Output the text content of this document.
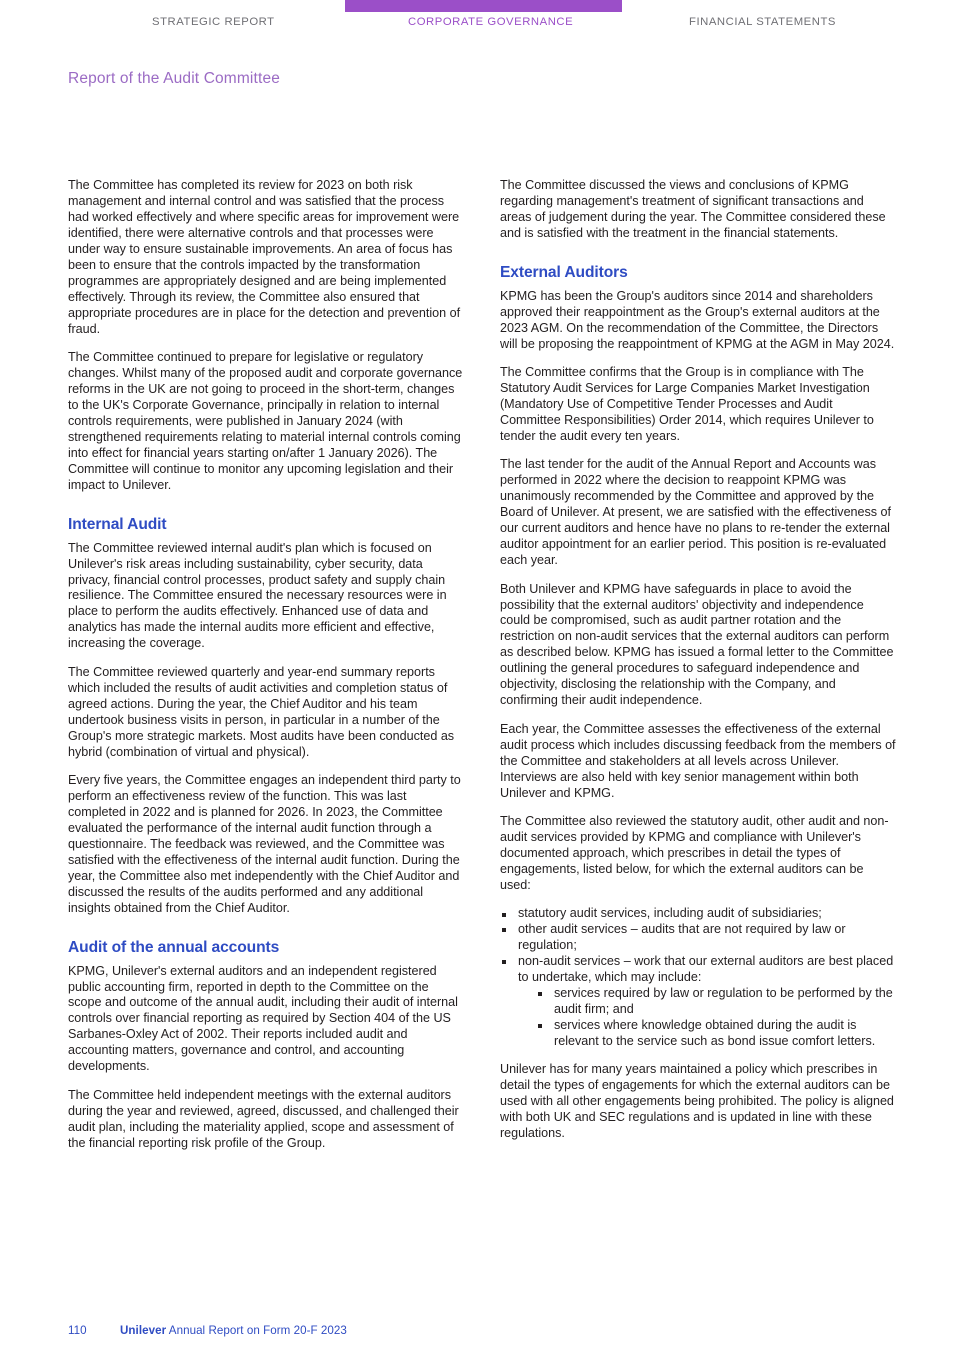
STRATEGIC REPORT	CORPORATE GOVERNANCE	FINANCIAL STATEMENTS
Report of the Audit Committee

The Committee has completed its review for 2023 on both risk management and internal control and was satisfied that the process had worked effectively and where specific areas for improvement were identified, there were alternative controls and that processes were under way to ensure sustainable improvements. An area of focus has been to ensure that the controls impacted by the transformation programmes are appropriately designed and are being implemented effectively. Through its review, the Committee also ensured that appropriate procedures are in place for the detection and prevention of fraud.

The Committee continued to prepare for legislative or regulatory changes. Whilst many of the proposed audit and corporate governance reforms in the UK are not going to proceed in the short-term, changes to the UK's Corporate Governance, principally in relation to internal controls requirements, were published in January 2024 (with strengthened requirements relating to material internal controls coming into effect for financial years starting on/after 1 January 2026). The Committee will continue to monitor any upcoming legislation and their impact to Unilever.

Internal Audit

The Committee reviewed internal audit's plan which is focused on Unilever's risk areas including sustainability, cyber security, data privacy, financial control processes, product safety and supply chain resilience. The Committee ensured the necessary resources were in place to perform the audits effectively. Enhanced use of data and analytics has made the internal audits more efficient and effective, increasing the coverage.

The Committee reviewed quarterly and year-end summary reports which included the results of audit activities and completion status of agreed actions. During the year, the Chief Auditor and his team undertook business visits in person, in particular in a number of the Group's more strategic markets. Most audits have been conducted as hybrid (combination of virtual and physical).

Every five years, the Committee engages an independent third party to perform an effectiveness review of the function. This was last completed in 2022 and is planned for 2026. In 2023, the Committee evaluated the performance of the internal audit function through a questionnaire. The feedback was reviewed, and the Committee was satisfied with the effectiveness of the internal audit function. During the year, the Committee also met independently with the Chief Auditor and discussed the results of the audits performed and any additional insights obtained from the Chief Auditor.

Audit of the annual accounts

KPMG, Unilever's external auditors and an independent registered public accounting firm, reported in depth to the Committee on the scope and outcome of the annual audit, including their audit of internal controls over financial reporting as required by Section 404 of the US Sarbanes-Oxley Act of 2002. Their reports included audit and accounting matters, governance and control, and accounting developments.

The Committee held independent meetings with the external auditors during the year and reviewed, agreed, discussed, and challenged their audit plan, including the materiality applied, scope and assessment of the financial reporting risk profile of the Group.

The Committee discussed the views and conclusions of KPMG regarding management's treatment of significant transactions and areas of judgement during the year. The Committee considered these and is satisfied with the treatment in the financial statements.

External Auditors

KPMG has been the Group's auditors since 2014 and shareholders approved their reappointment as the Group's external auditors at the 2023 AGM. On the recommendation of the Committee, the Directors will be proposing the reappointment of KPMG at the AGM in May 2024.

The Committee confirms that the Group is in compliance with The Statutory Audit Services for Large Companies Market Investigation (Mandatory Use of Competitive Tender Processes and Audit Committee Responsibilities) Order 2014, which requires Unilever to tender the audit every ten years.

The last tender for the audit of the Annual Report and Accounts was performed in 2022 where the decision to reappoint KPMG was unanimously recommended by the Committee and approved by the Board of Unilever. At present, we are satisfied with the effectiveness of our current auditors and hence have no plans to re-tender the external auditor appointment for an earlier period. This position is re-evaluated each year.

Both Unilever and KPMG have safeguards in place to avoid the possibility that the external auditors' objectivity and independence could be compromised, such as audit partner rotation and the restriction on non-audit services that the external auditors can perform as described below. KPMG has issued a formal letter to the Committee outlining the general procedures to safeguard independence and objectivity, disclosing the relationship with the Company, and confirming their audit independence.

Each year, the Committee assesses the effectiveness of the external audit process which includes discussing feedback from the members of the Committee and stakeholders at all levels across Unilever. Interviews are also held with key senior management within both Unilever and KPMG.

The Committee also reviewed the statutory audit, other audit and non-audit services provided by KPMG and compliance with Unilever's documented approach, which prescribes in detail the types of engagements, listed below, for which the external auditors can be used:

statutory audit services, including audit of subsidiaries;
other audit services – audits that are not required by law or regulation;
non-audit services – work that our external auditors are best placed to undertake, which may include:
services required by law or regulation to be performed by the audit firm; and
services where knowledge obtained during the audit is relevant to the service such as bond issue comfort letters.

Unilever has for many years maintained a policy which prescribes in detail the types of engagements for which the external auditors can be used with all other engagements being prohibited. The policy is aligned with both UK and SEC regulations and is updated in line with these regulations.

110	Unilever Annual Report on Form 20-F 2023
